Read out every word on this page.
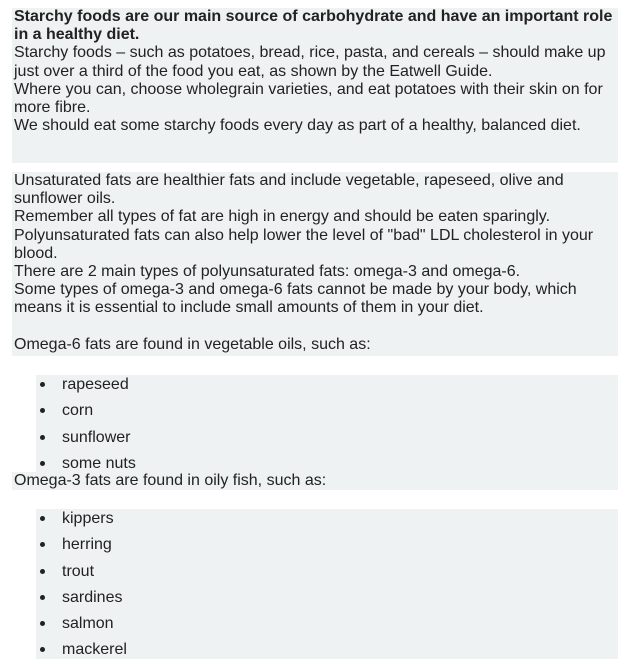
Starchy foods are our main source of carbohydrate and have an important role in a healthy diet.

Starchy foods – such as potatoes, bread, rice, pasta, and cereals – should make up just over a third of the food you eat, as shown by the Eatwell Guide.

Where you can, choose wholegrain varieties, and eat potatoes with their skin on for more fibre.

We should eat some starchy foods every day as part of a healthy, balanced diet.

Unsaturated fats are healthier fats and include vegetable, rapeseed, olive and sunflower oils.

Remember all types of fat are high in energy and should be eaten sparingly.

Polyunsaturated fats can also help lower the level of "bad" LDL cholesterol in your blood.

There are 2 main types of polyunsaturated fats: omega-3 and omega-6.

Some types of omega-3 and omega-6 fats cannot be made by your body, which means it is essential to include small amounts of them in your diet.

Omega-6 fats are found in vegetable oils, such as:

rapeseed
corn
sunflower
some nuts
Omega-3 fats are found in oily fish, such as:
kippers
herring
trout
sardines
salmon
mackerel
